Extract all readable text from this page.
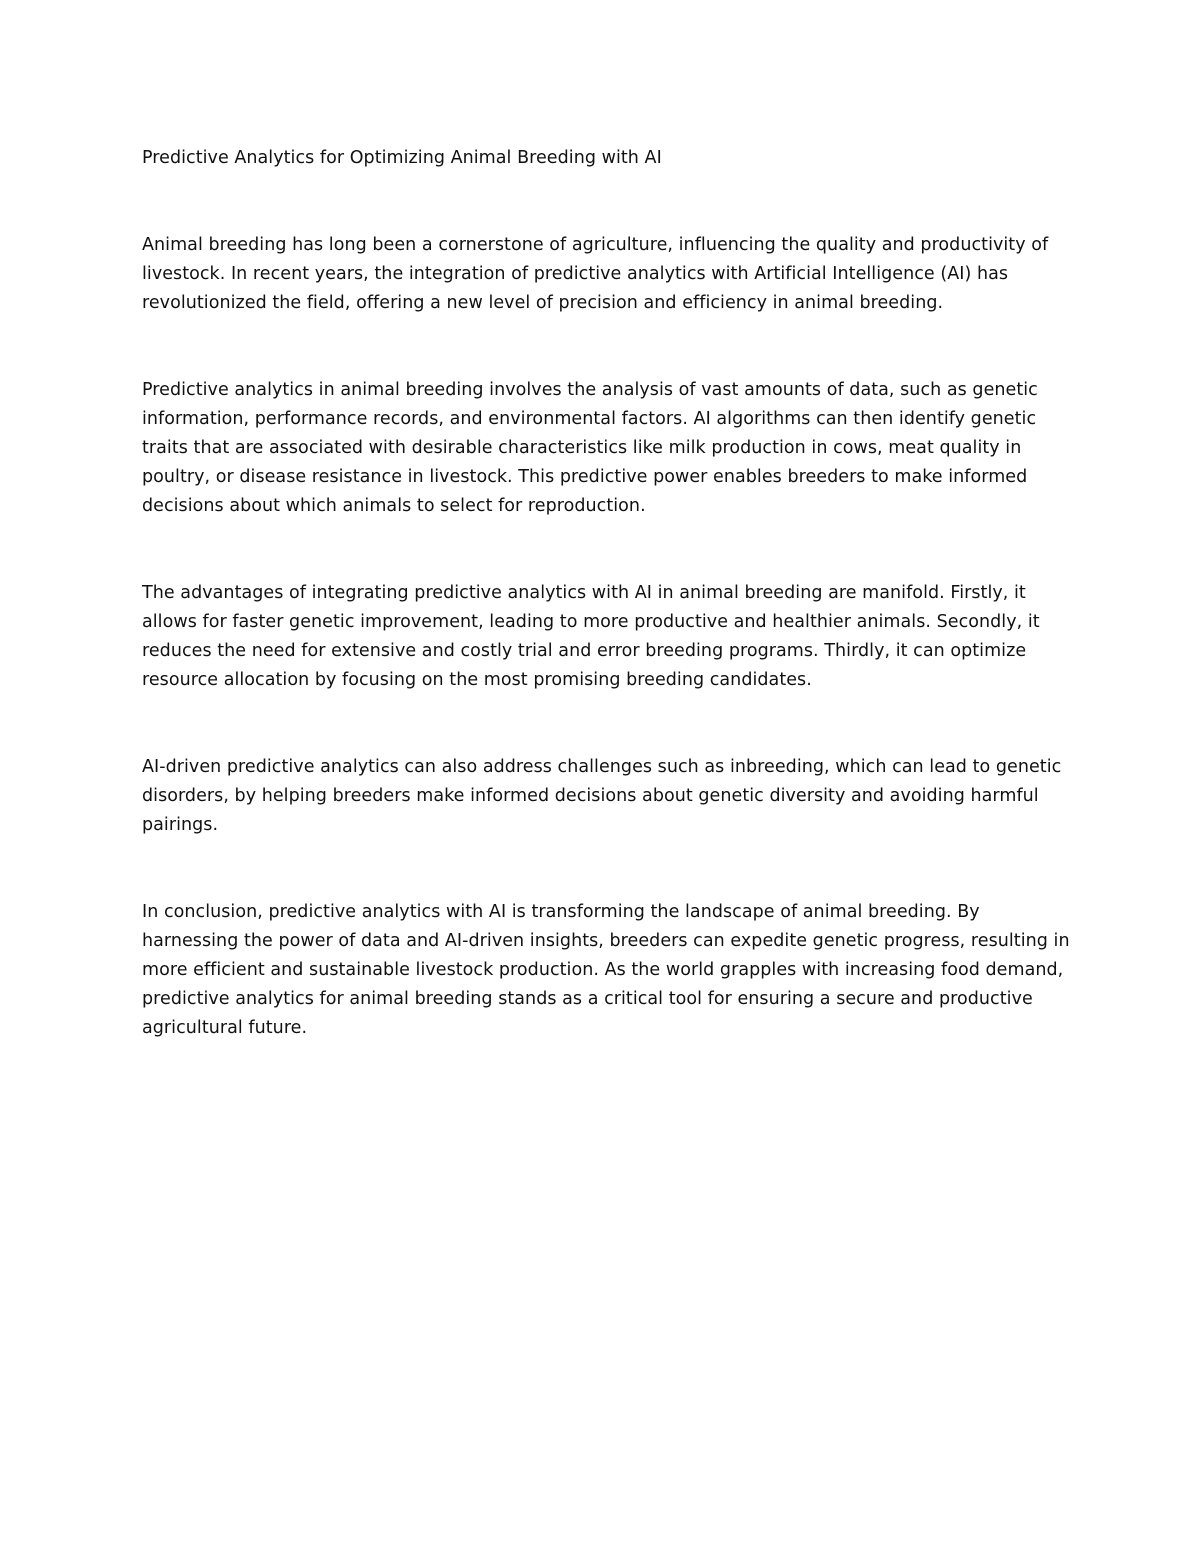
Predictive Analytics for Optimizing Animal Breeding with AI

Animal breeding has long been a cornerstone of agriculture, influencing the quality and productivity of livestock. In recent years, the integration of predictive analytics with Artificial Intelligence (AI) has revolutionized the field, offering a new level of precision and efficiency in animal breeding.

Predictive analytics in animal breeding involves the analysis of vast amounts of data, such as genetic information, performance records, and environmental factors. AI algorithms can then identify genetic traits that are associated with desirable characteristics like milk production in cows, meat quality in poultry, or disease resistance in livestock. This predictive power enables breeders to make informed decisions about which animals to select for reproduction.

The advantages of integrating predictive analytics with AI in animal breeding are manifold. Firstly, it allows for faster genetic improvement, leading to more productive and healthier animals. Secondly, it reduces the need for extensive and costly trial and error breeding programs. Thirdly, it can optimize resource allocation by focusing on the most promising breeding candidates.

AI-driven predictive analytics can also address challenges such as inbreeding, which can lead to genetic disorders, by helping breeders make informed decisions about genetic diversity and avoiding harmful pairings.

In conclusion, predictive analytics with AI is transforming the landscape of animal breeding. By harnessing the power of data and AI-driven insights, breeders can expedite genetic progress, resulting in more efficient and sustainable livestock production. As the world grapples with increasing food demand, predictive analytics for animal breeding stands as a critical tool for ensuring a secure and productive agricultural future.
